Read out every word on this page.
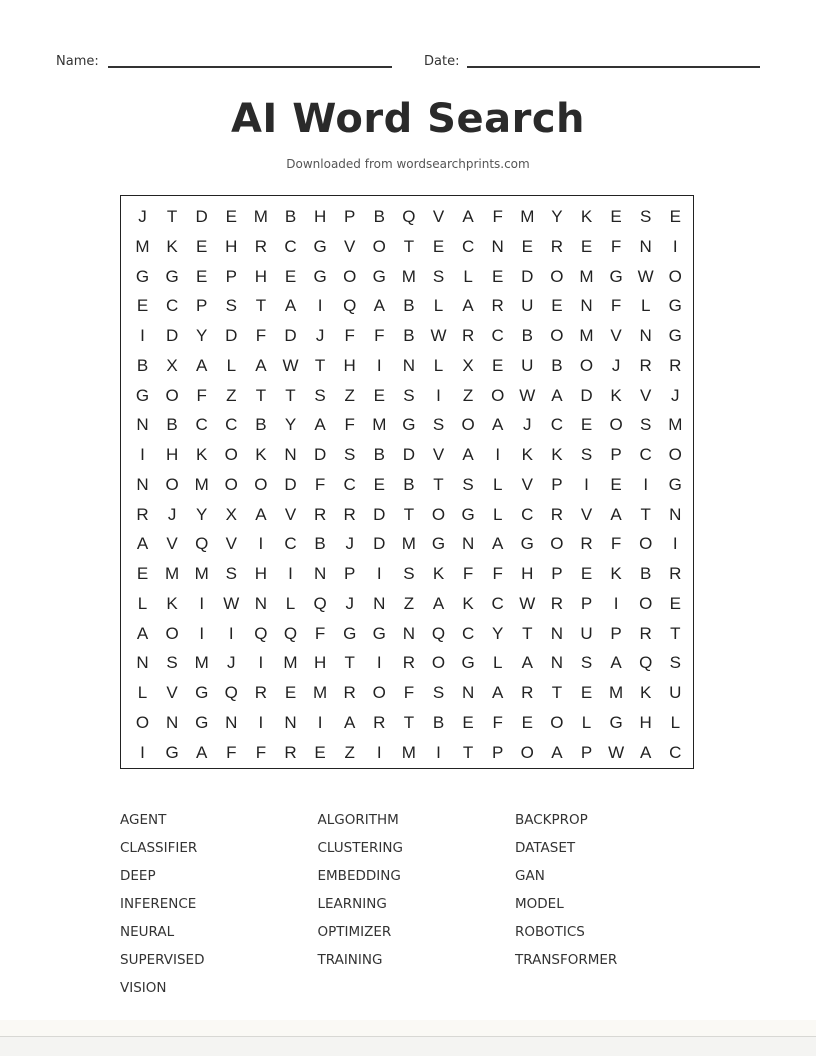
Name:	Date:
AI Word Search
Downloaded from wordsearchprints.com
J	T	D	E M B	H	P	B	Q	V	A	F	M Y	K	E	S	E
M K	E	H	R	C G	V	O	T	E	C	N	E	R	E	F	N	I
G G	E	P	H	E	G O G M S	L	E	D O M G W O
E	C	P	S	T	A	I	Q	A	B	L	A	R	U	E	N	F	L	G
I	D	Y	D	F	D	J	F	F	B W R	C	B	O M V	N G
B	X	A	L	A W T	H	I	N	L	X	E	U	B	O	J	R	R
G O	F	Z	T	T	S	Z	E	S	I	Z	O W A	D	K	V	J
N	B	C	C	B	Y	A	F	M G	S	O	A	J	C	E	O	S M
I	H	K	O	K	N	D	S	B	D	V	A	I	K	K	S	P	C O
N O M O O D	F	C	E	B	T	S	L	V	P	I	E	I	G
R	J	Y	X	A	V	R	R	D	T	O G	L	C	R	V	A	T	N
A	V	Q	V	I	C	B	J	D M G N	A	G O R	F	O	I
E M M S	H	I	N	P	I	S	K	F	F	H	P	E	K	B	R
L	K	I	W N	L	Q	J	N	Z	A	K	C W R	P	I	O	E
A	O	I	I	Q Q	F	G G N Q C	Y	T	N	U	P	R	T
N	S M	J	I	M H	T	I	R O G	L	A	N	S	A	Q	S
L	V	G Q R	E M R O	F	S	N	A	R	T	E M K	U
O N G N	I	N	I	A	R	T	B	E	F	E	O	L	G H	L
I	G	A	F	F	R	E	Z	I	M	I	T	P	O	A	P W A	C
AGENT	ALGORITHM	BACKPROP
CLASSIFIER	CLUSTERING	DATASET
DEEP	EMBEDDING	GAN
INFERENCE	LEARNING	MODEL
NEURAL	OPTIMIZER	ROBOTICS
SUPERVISED	TRAINING	TRANSFORMER
VISION
